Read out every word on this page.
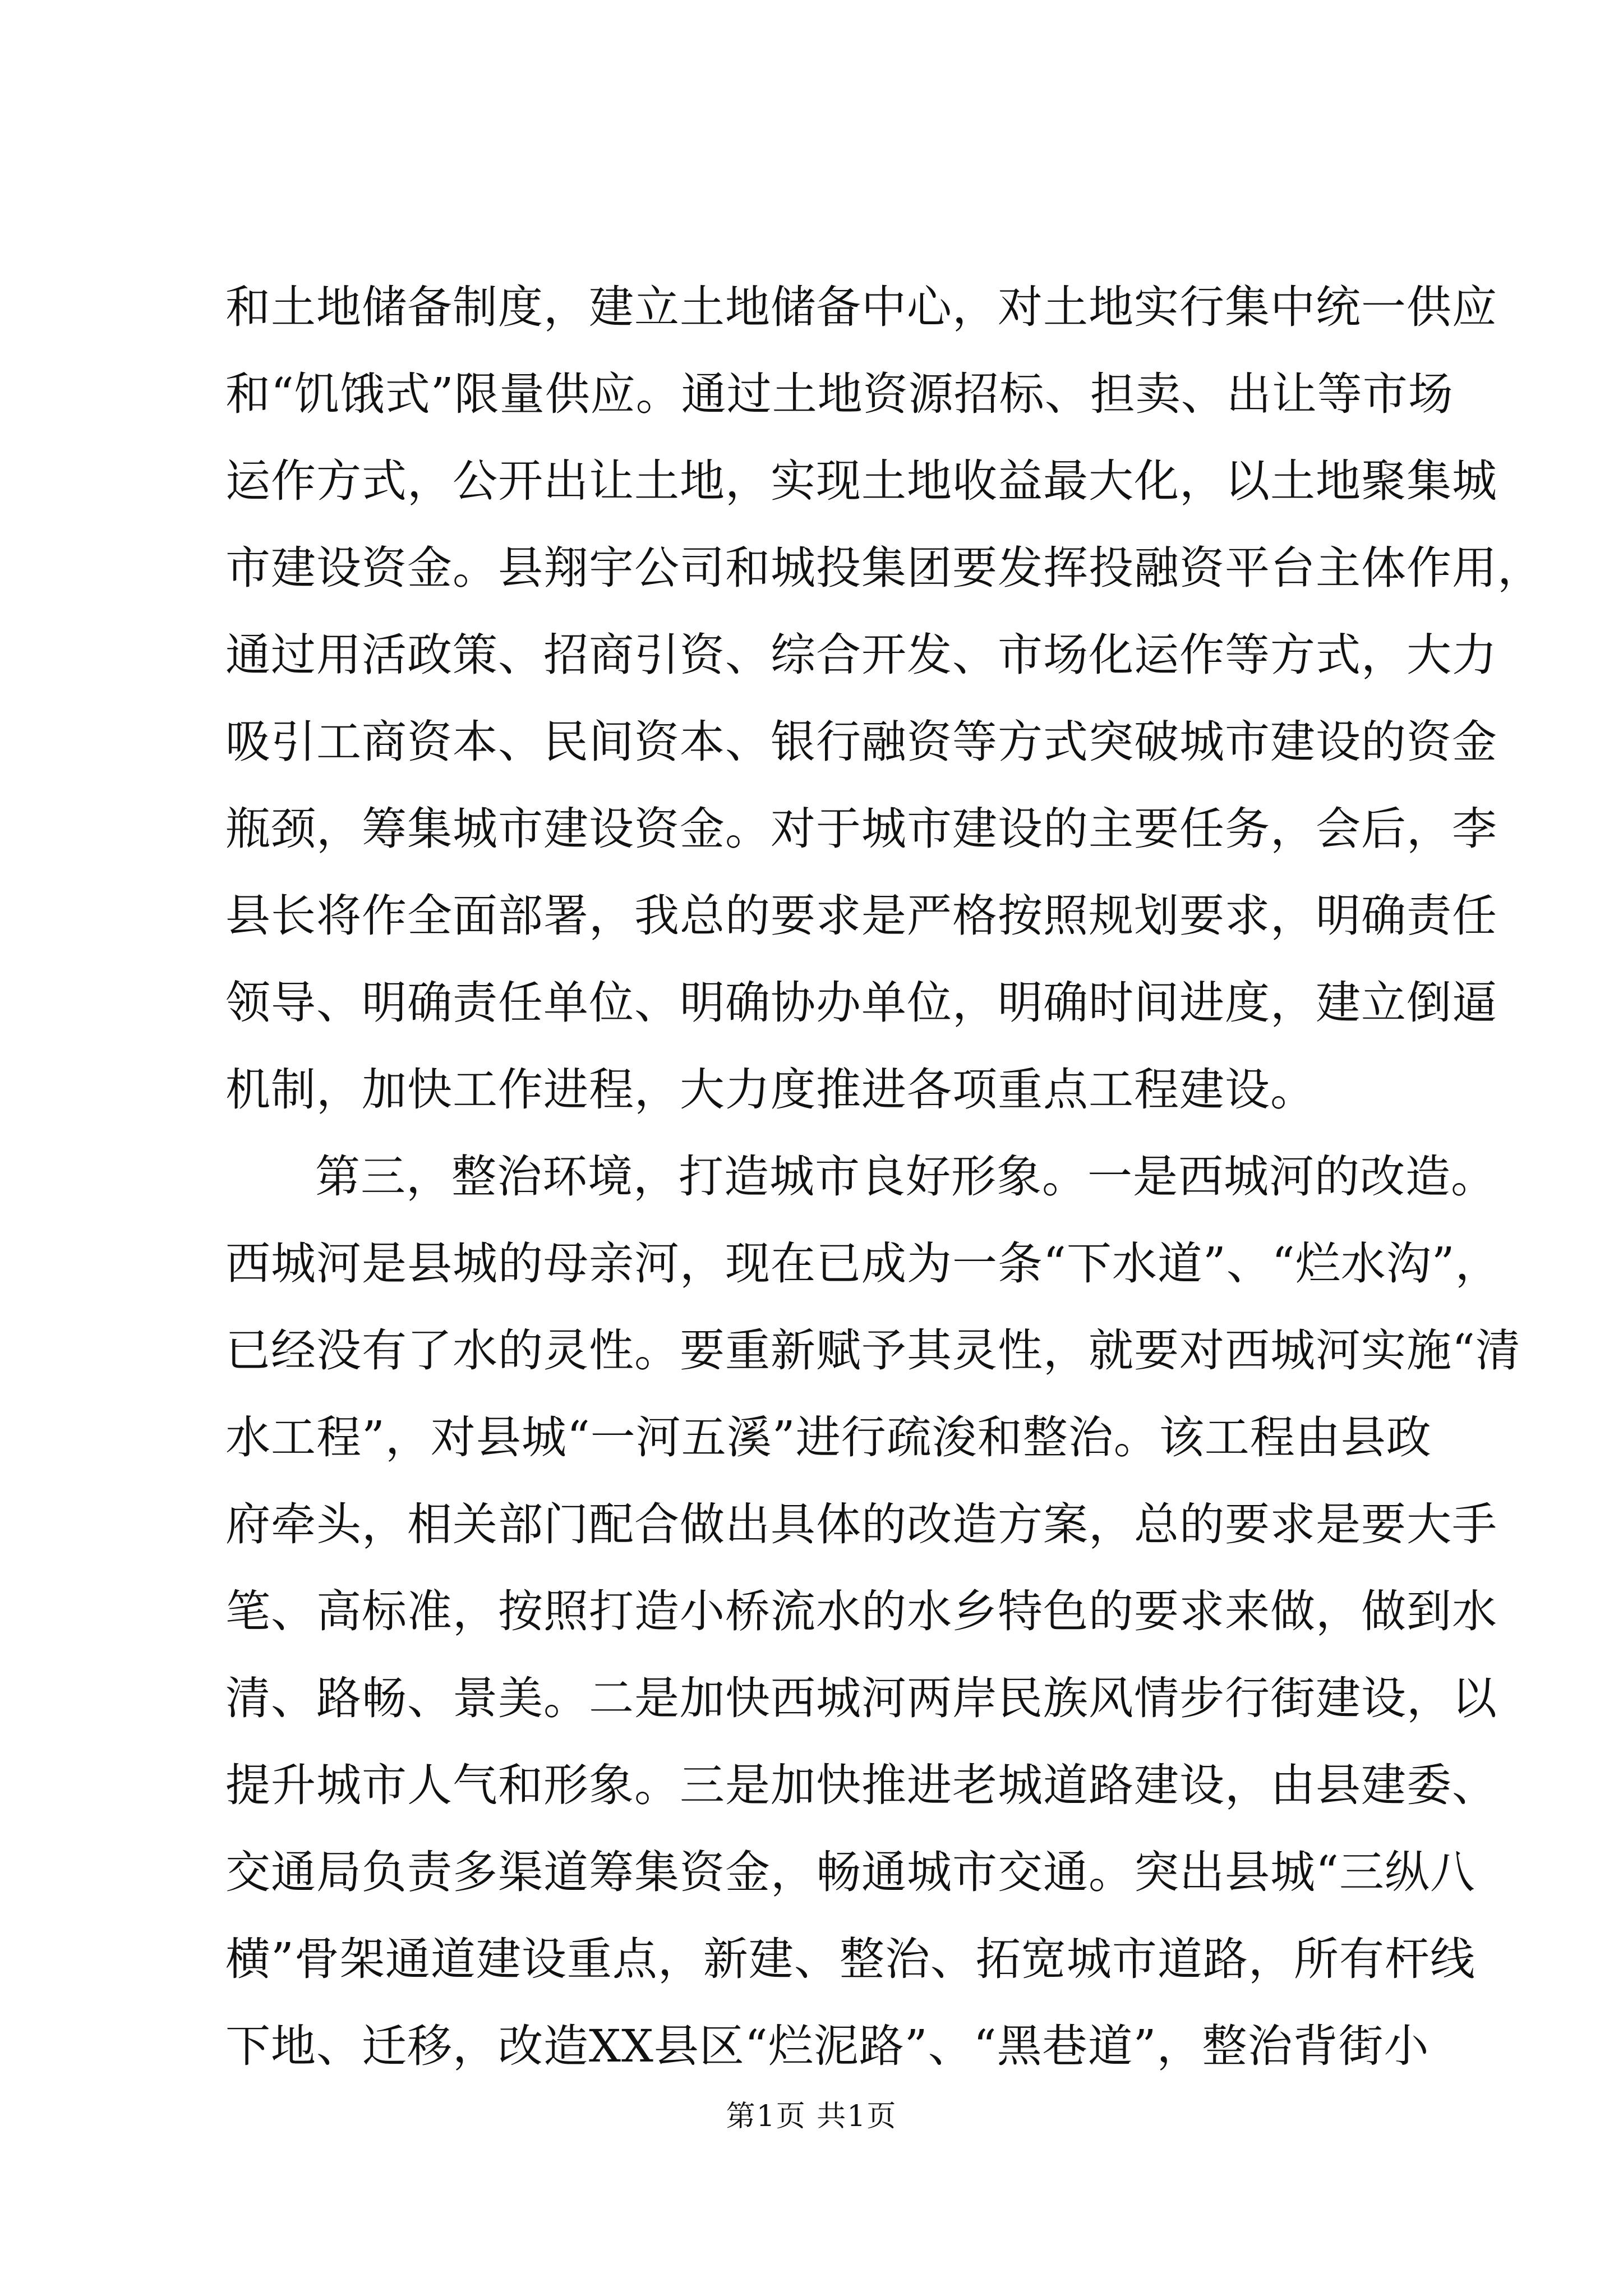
和土地储备制度，建立土地储备中心，对土地实行集中统一供应
和“饥饿式”限量供应。通过土地资源招标、担卖、出让等市场
运作方式，公开出让土地，实现土地收益最大化，以土地聚集城
市建设资金。县翔宇公司和城投集团要发挥投融资平台主体作用，
通过用活政策、招商引资、综合开发、市场化运作等方式，大力
吸引工商资本、民间资本、银行融资等方式突破城市建设的资金
瓶颈，筹集城市建设资金。对于城市建设的主要任务，会后，李
县长将作全面部署，我总的要求是严格按照规划要求，明确责任
领导、明确责任单位、明确协办单位，明确时间进度，建立倒逼
机制，加快工作进程，大力度推进各项重点工程建设。
第三，整治环境，打造城市良好形象。一是西城河的改造。
西城河是县城的母亲河，现在已成为一条“下水道”、“烂水沟”，
已经没有了水的灵性。要重新赋予其灵性，就要对西城河实施“清
水工程”，对县城“一河五溪”进行疏浚和整治。该工程由县政
府牵头，相关部门配合做出具体的改造方案，总的要求是要大手
笔、高标准，按照打造小桥流水的水乡特色的要求来做，做到水
清、路畅、景美。二是加快西城河两岸民族风情步行街建设，以
提升城市人气和形象。三是加快推进老城道路建设，由县建委、
交通局负责多渠道筹集资金，畅通城市交通。突出县城“三纵八
横”骨架通道建设重点，新建、整治、拓宽城市道路，所有杆线
下地、迁移，改造XX县区“烂泥路”、“黑巷道”，整治背街小
第1页 共1页
